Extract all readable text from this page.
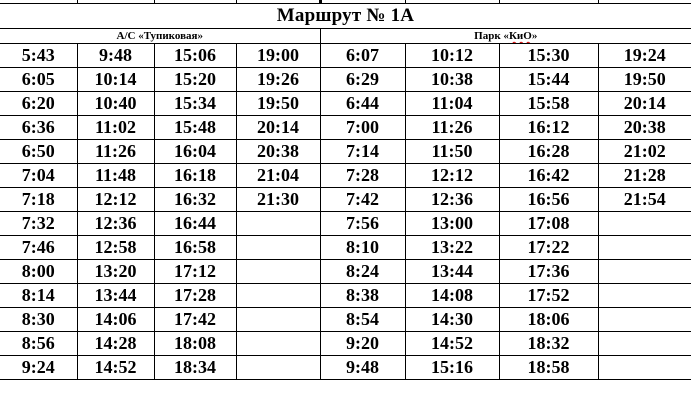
Маршрут № 1А							
А/С «Тупиковая»				Парк «КиО»			
5:43	9:48	15:06	19:00	6:07	10:12	15:30	19:24
6:05	10:14	15:20	19:26	6:29	10:38	15:44	19:50
6:20	10:40	15:34	19:50	6:44	11:04	15:58	20:14
6:36	11:02	15:48	20:14	7:00	11:26	16:12	20:38
6:50	11:26	16:04	20:38	7:14	11:50	16:28	21:02
7:04	11:48	16:18	21:04	7:28	12:12	16:42	21:28
7:18	12:12	16:32	21:30	7:42	12:36	16:56	21:54
7:32	12:36	16:44		7:56	13:00	17:08	
7:46	12:58	16:58		8:10	13:22	17:22	
8:00	13:20	17:12		8:24	13:44	17:36	
8:14	13:44	17:28		8:38	14:08	17:52	
8:30	14:06	17:42		8:54	14:30	18:06	
8:56	14:28	18:08		9:20	14:52	18:32	
9:24	14:52	18:34		9:48	15:16	18:58	
